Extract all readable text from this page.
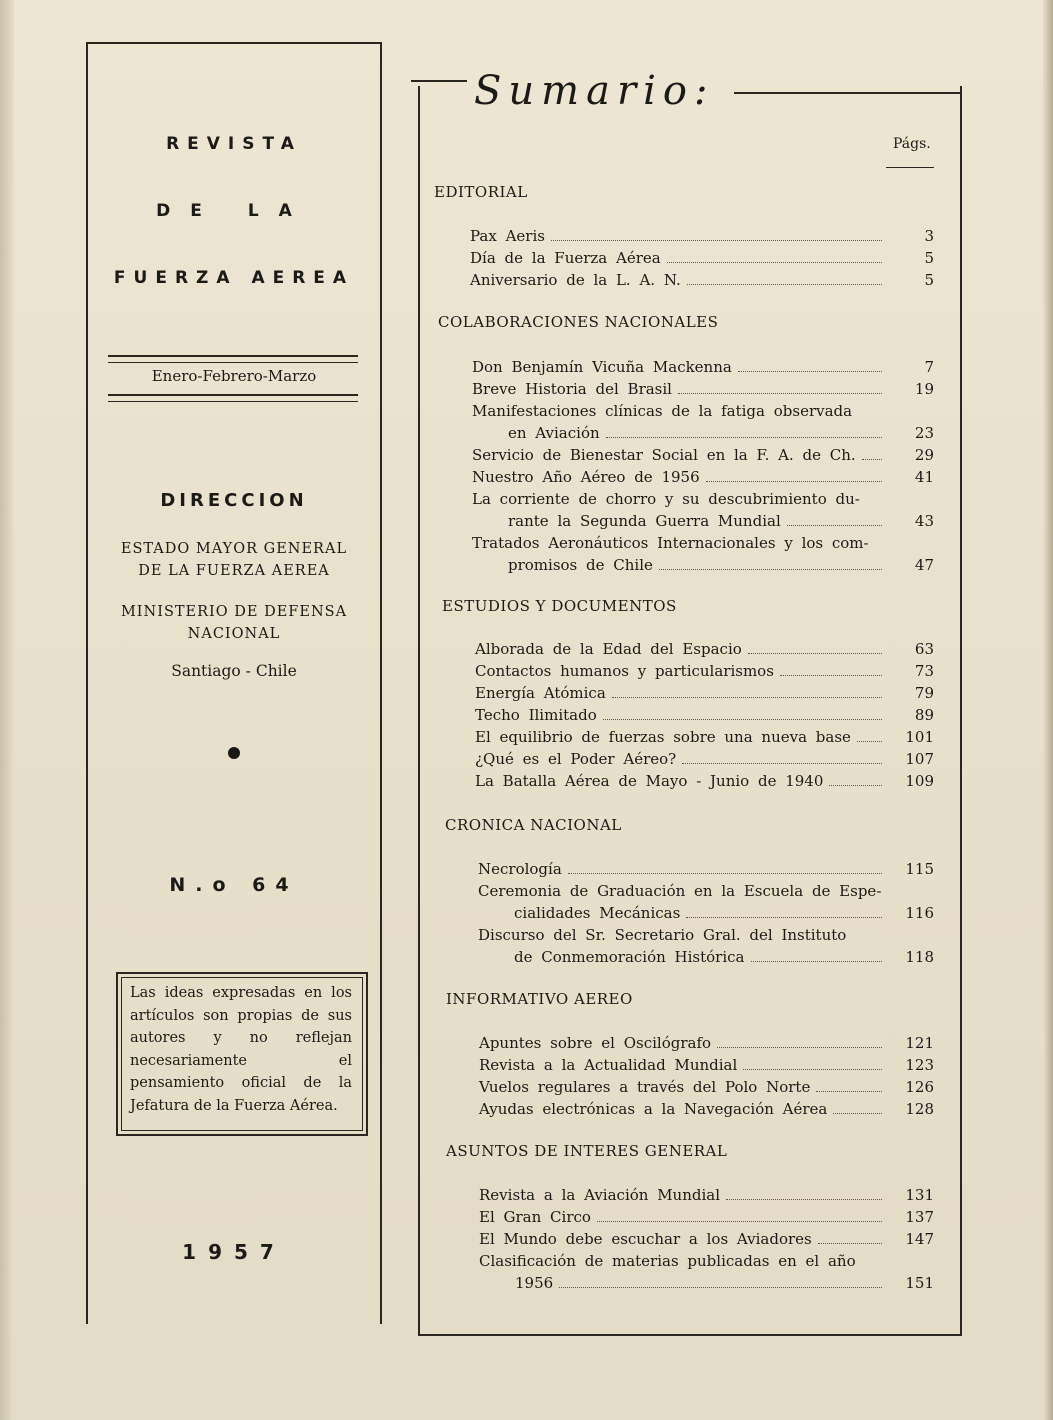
REVISTA
DE LA
FUERZA AEREA
Enero-Febrero-Marzo
DIRECCION
ESTADO MAYOR GENERAL
DE LA FUERZA AEREA
MINISTERIO DE DEFENSA
NACIONAL
Santiago - Chile
N.o 64
Las ideas expresadas en los artículos son propias de sus autores y no reflejan necesariamente el pensamiento oficial de la Jefatura de la Fuerza Aérea.
1957
Sumario:
Págs.
EDITORIAL
Pax Aeris	3
Día de la Fuerza Aérea	5
Aniversario de la L. A. N.	5
COLABORACIONES NACIONALES
Don Benjamín Vicuña Mackenna	7
Breve Historia del Brasil	19
Manifestaciones clínicas de la fatiga observada
en Aviación	23
Servicio de Bienestar Social en la F. A. de Ch.	29
Nuestro Año Aéreo de 1956	41
La corriente de chorro y su descubrimiento du-
rante la Segunda Guerra Mundial	43
Tratados Aeronáuticos Internacionales y los com-
promisos de Chile	47
ESTUDIOS Y DOCUMENTOS
Alborada de la Edad del Espacio	63
Contactos humanos y particularismos	73
Energía Atómica	79
Techo Ilimitado	89
El equilibrio de fuerzas sobre una nueva base	101
¿Qué es el Poder Aéreo?	107
La Batalla Aérea de Mayo - Junio de 1940	109
CRONICA NACIONAL
Necrología	115
Ceremonia de Graduación en la Escuela de Espe-
cialidades Mecánicas	116
Discurso del Sr. Secretario Gral. del Instituto
de Conmemoración Histórica	118
INFORMATIVO AEREO
Apuntes sobre el Oscilógrafo	121
Revista a la Actualidad Mundial	123
Vuelos regulares a través del Polo Norte	126
Ayudas electrónicas a la Navegación Aérea	128
ASUNTOS DE INTERES GENERAL
Revista a la Aviación Mundial	131
El Gran Circo	137
El Mundo debe escuchar a los Aviadores	147
Clasificación de materias publicadas en el año
1956	151
